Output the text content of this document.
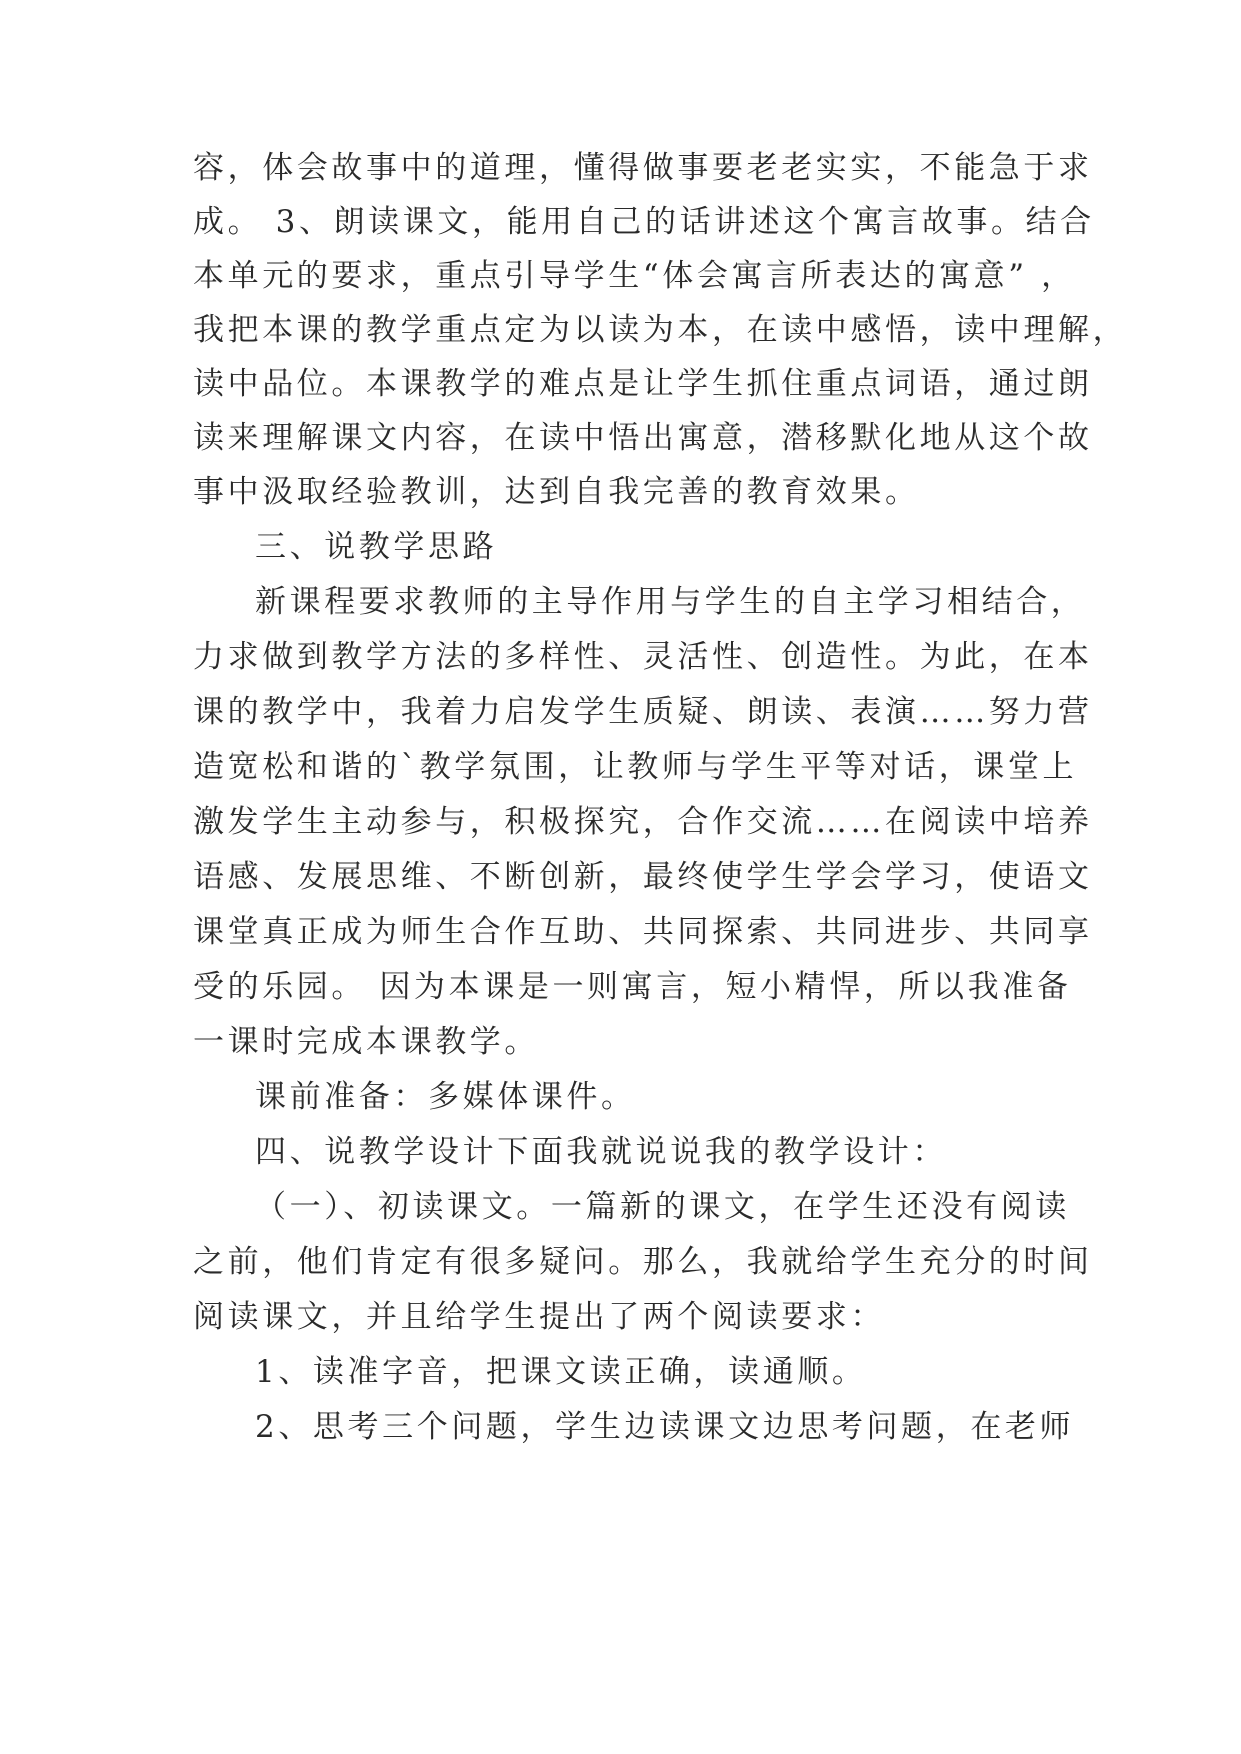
容，体会故事中的道理，懂得做事要老老实实，不能急于求
成。 3、朗读课文，能用自己的话讲述这个寓言故事。结合
本单元的要求，重点引导学生“体会寓言所表达的寓意” ，
我把本课的教学重点定为以读为本，在读中感悟，读中理解，
读中品位。本课教学的难点是让学生抓住重点词语，通过朗
读来理解课文内容，在读中悟出寓意，潜移默化地从这个故
事中汲取经验教训，达到自我完善的教育效果。
三、说教学思路
新课程要求教师的主导作用与学生的自主学习相结合，
力求做到教学方法的多样性、灵活性、创造性。为此，在本
课的教学中，我着力启发学生质疑、朗读、表演……努力营
造宽松和谐的`教学氛围，让教师与学生平等对话，课堂上
激发学生主动参与，积极探究，合作交流……在阅读中培养
语感、发展思维、不断创新，最终使学生学会学习，使语文
课堂真正成为师生合作互助、共同探索、共同进步、共同享
受的乐园。 因为本课是一则寓言，短小精悍，所以我准备
一课时完成本课教学。
课前准备：多媒体课件。
四、说教学设计下面我就说说我的教学设计：
（一）、初读课文。一篇新的课文，在学生还没有阅读
之前，他们肯定有很多疑问。那么，我就给学生充分的时间
阅读课文，并且给学生提出了两个阅读要求：
1、读准字音，把课文读正确，读通顺。
2、思考三个问题，学生边读课文边思考问题，在老师
